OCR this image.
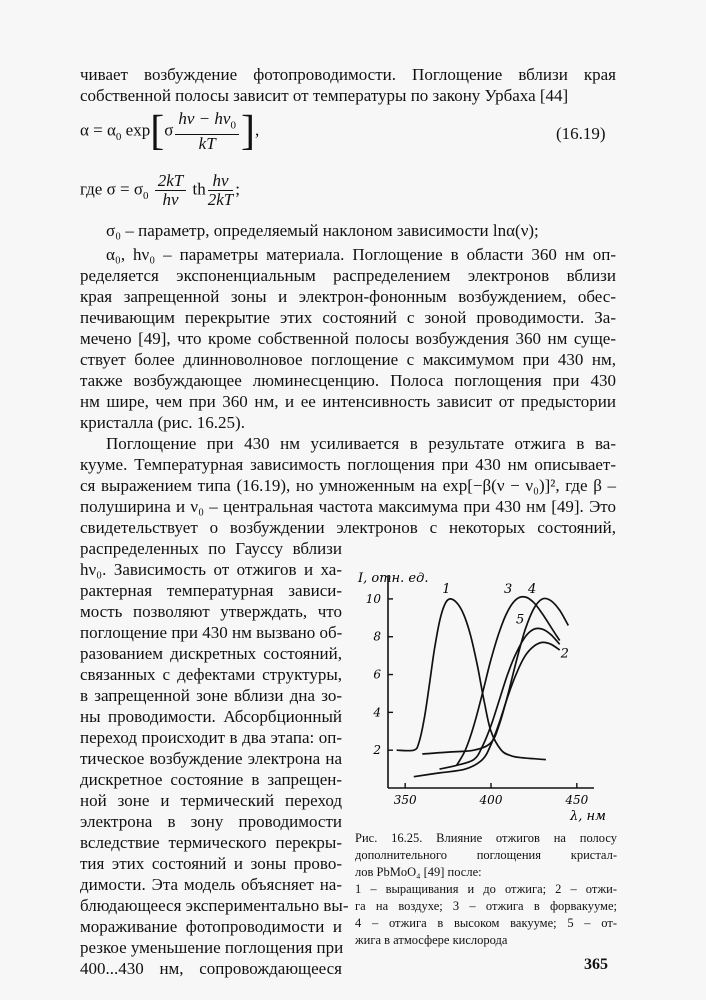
чивает возбуждение фотопроводимости. Поглощение вблизи края
собственной полосы зависит от температуры по закону Урбаха [44]
$\alpha = \alpha_0$ $\exp[\sigma \frac{h\nu - h\nu_0}{kT}$ ],	(16.19)
где $\sigma = \sigma_0 \frac{2kT}{h\nu}$ th $\frac{h\nu}{2kT}$ ;
σ₀ – параметр, определяемый наклоном зависимости lnα(ν);
α₀, hν₀ – параметры материала. Поглощение в области 360 нм оп-
ределяется экспоненциальным распределением электронов вблизи
края запрещенной зоны и электрон-фононным возбуждением, обес-
печивающим перекрытие этих состояний с зоной проводимости. За-
мечено [49], что кроме собственной полосы возбуждения 360 нм суще-
ствует более длинноволновое поглощение с максимумом при 430 нм,
также возбуждающее люминесценцию. Полоса поглощения при 430
нм шире, чем при 360 нм, и ее интенсивность зависит от предыстории
кристалла (рис. 16.25).
Поглощение при 430 нм усиливается в результате отжига в ва-
кууме. Температурная зависимость поглощения при 430 нм описывает-
ся выражением типа (16.19), но умноженным на exp[−β(ν − ν₀)]², где β –
полуширина и ν₀ – центральная частота максимума при 430 нм [49]. Это
свидетельствует о возбуждении электронов с некоторых состояний,
распределенных по Гауссу вблизи
hν₀. Зависимость от отжигов и ха-
рактерная температурная зависи-
мость позволяют утверждать, что
поглощение при 430 нм вызвано об-
разованием дискретных состояний,
связанных с дефектами структуры,
в запрещенной зоне вблизи дна зо-
ны проводимости. Абсорбционный
переход происходит в два этапа: оп-
тическое возбуждение электрона на
дискретное состояние в запрещен-
ной зоне и термический переход
электрона в зону проводимости
вследствие термического перекры-
тия этих состояний и зоны прово-
димости. Эта модель объясняет на-
блюдающееся экспериментально вы-
мораживание фотопроводимости и
резкое уменьшение поглощения при
400...430 нм, сопровождающееся
I, отн. ед.
λ, нм
2
4
6
8
10
350	400	450
1
2
3 4
5
Рис. 16.25. Влияние отжигов на полосу
дополнительного поглощения кристал-
лов PbMoO₄ [49] после:
1 – выращивания и до отжига; 2 – отжи-
га на воздухе; 3 – отжига в форвакууме;
4 – отжига в высоком вакууме; 5 – от-
жига в атмосфере кислорода
365
